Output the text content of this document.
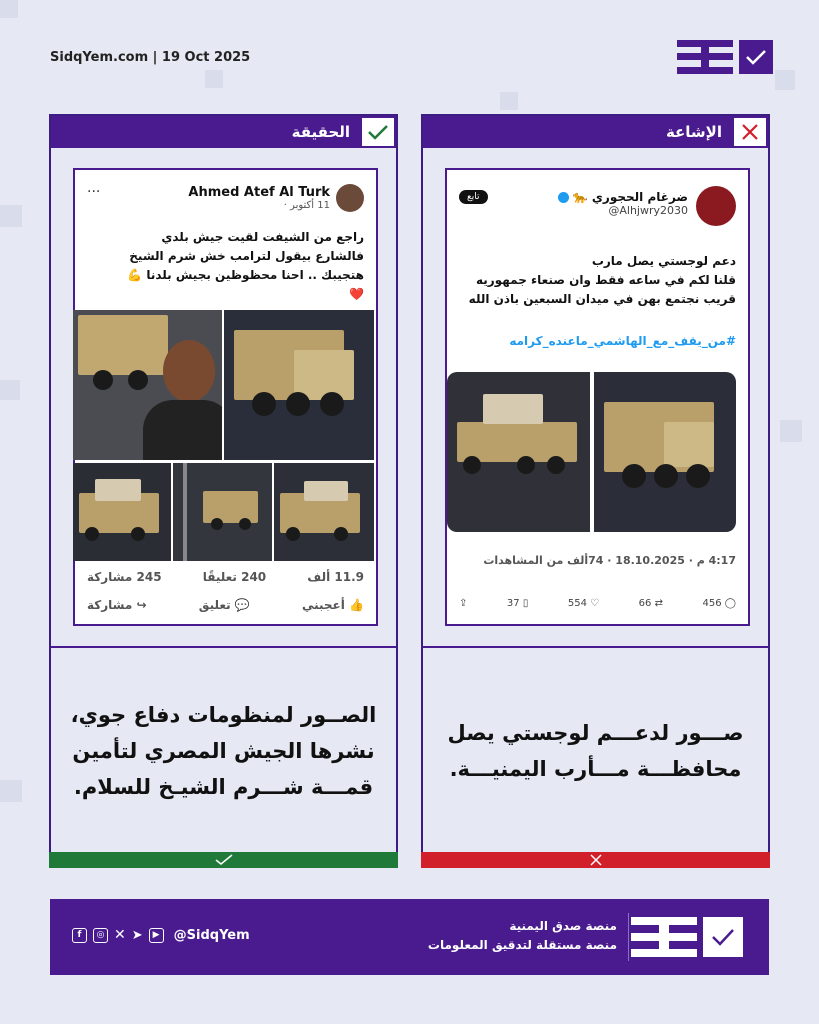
SidqYem.com | 19 Oct 2025
الحقيقة
Ahmed Atef Al Turk
11 أكتوبر ·
···
راجع من الشيفت لقيت جيش بلدي
فالشارع بيقول لترامب خش شرم الشيخ
هتجيبك .. احنا محظوظين بجيش بلدنا 💪
❤️
11.9 ألف
240 تعليقًا
245 مشاركة
👍 أعجبني
💬 تعليق
↪ مشاركة
الصــور لمنظومات دفاع جوي،
نشرها الجيش المصري لتأمين
قمـــة شـــرم الشيـخ للسلام.
الإشاعة
ضرغام الحجوري 🐆
@Alhjwry2030
تابع
دعم لوجستي يصل مارب
قلنا لكم في ساعه فقط وان صنعاء جمهوريه
قريب نجتمع بهن في ميدان السبعين باذن الله
#من_يقف_مع_الهاشمي_ماعنده_كرامه
4:17 م · 18.10.2025 · 74ألف من المشاهدات
⇪	37 ▯	554 ♡	66 ⇄	456 ◯
صـــور لدعـــم لوجستي يصل
محافظـــة مـــأرب اليمنيـــة.
f	◎ ✕ ➤	▶	@SidqYem
منصة صدق اليمنية
منصة مستقلة لتدقيق المعلومات
